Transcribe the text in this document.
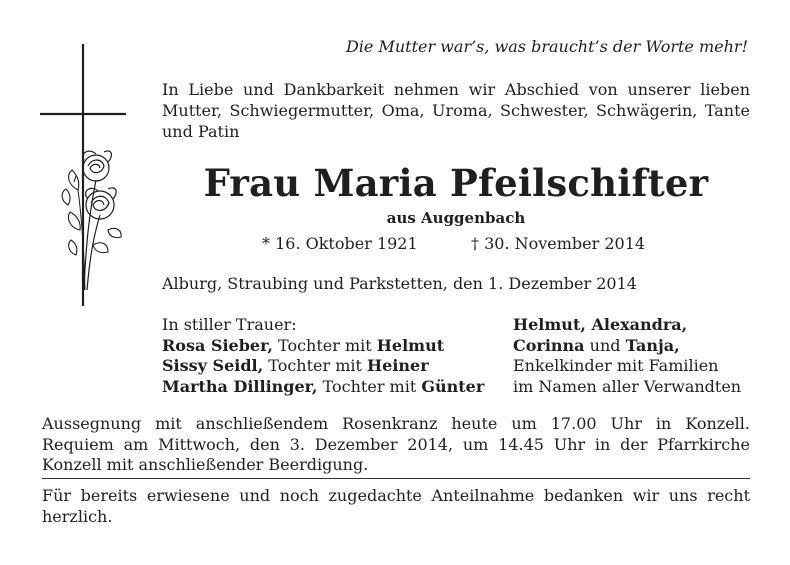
Die Mutter war’s, was braucht’s der Worte mehr!
In Liebe und Dankbarkeit nehmen wir Abschied von unserer lieben Mutter, Schwiegermutter, Oma, Uroma, Schwester, Schwägerin, Tante und Patin
Frau Maria Pfeilschifter
aus Auggenbach
* 16. Oktober 1921	† 30. November 2014
Alburg, Straubing und Parkstetten, den 1. Dezember 2014
In stiller Trauer:
Rosa Sieber, Tochter mit Helmut
Sissy Seidl, Tochter mit Heiner
Martha Dillinger, Tochter mit Günter
Helmut, Alexandra,
Corinna und Tanja,
Enkelkinder mit Familien
im Namen aller Verwandten
Aussegnung mit anschließendem Rosenkranz heute um 17.00 Uhr in Konzell.
Requiem am Mittwoch, den 3. Dezember 2014, um 14.45 Uhr in der Pfarrkirche
Konzell mit anschließender Beerdigung.
Für bereits erwiesene und noch zugedachte Anteilnahme bedanken wir uns recht
herzlich.
